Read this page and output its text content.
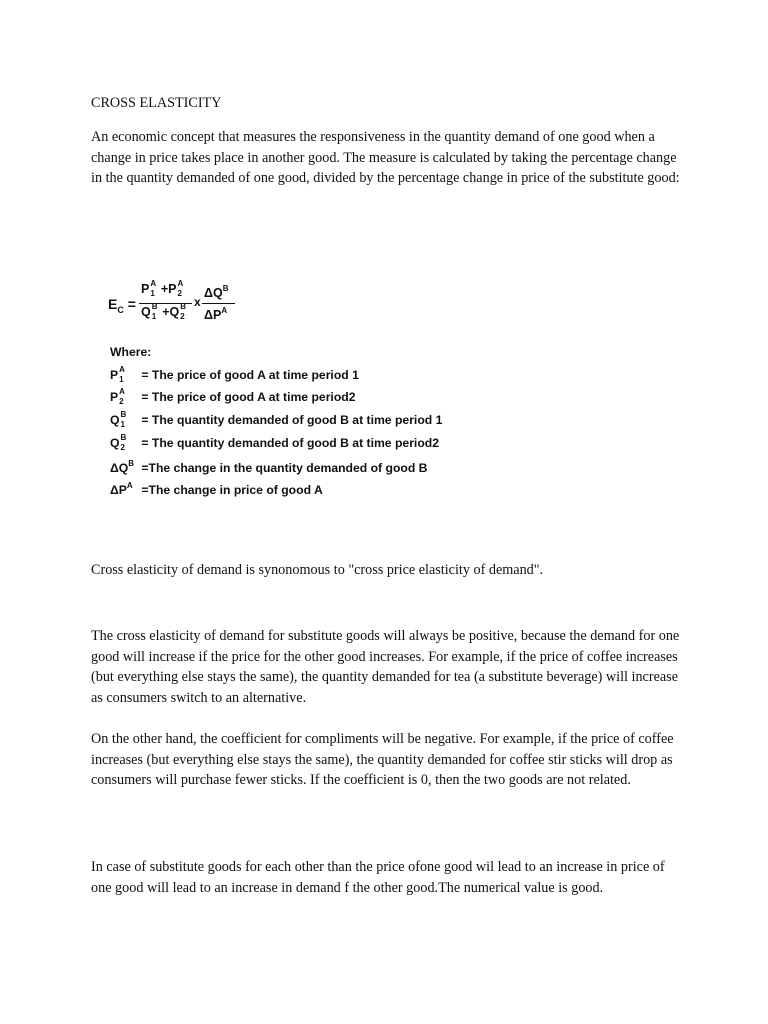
CROSS ELASTICITY

An economic concept that measures the responsiveness in the quantity demand of one good when a change in price takes place in another good. The measure is calculated by taking the percentage change in the quantity demanded of one good, divided by the percentage change in price of the substitute good:

$E_C$ =
P A
1 +P A
2
Q B
1 +Q B
2
x
$\Delta Q^B$
$\Delta P^A$
Where:
P A
1 = The price of good A at time period 1
P A
2 = The price of good A at time period2
Q B
1 = The quantity demanded of good B at time period 1
Q B
2 = The quantity demanded of good B at time period2
$\Delta Q^B =The$ change in the quantity demanded of good B
$\Delta P^A =The$ change in price of good A

Cross elasticity of demand is synonomous to "cross price elasticity of demand".

The cross elasticity of demand for substitute goods will always be positive, because the demand for one good will increase if the price for the other good increases. For example, if the price of coffee increases (but everything else stays the same), the quantity demanded for tea (a substitute beverage) will increase as consumers switch to an alternative.

On the other hand, the coefficient for compliments will be negative. For example, if the price of coffee increases (but everything else stays the same), the quantity demanded for coffee stir sticks will drop as consumers will purchase fewer sticks. If the coefficient is 0, then the two goods are not related.

In case of substitute goods for each other than the price ofone good wil lead to an increase in price of one good will lead to an increase in demand f the other good.The numerical value is good.
